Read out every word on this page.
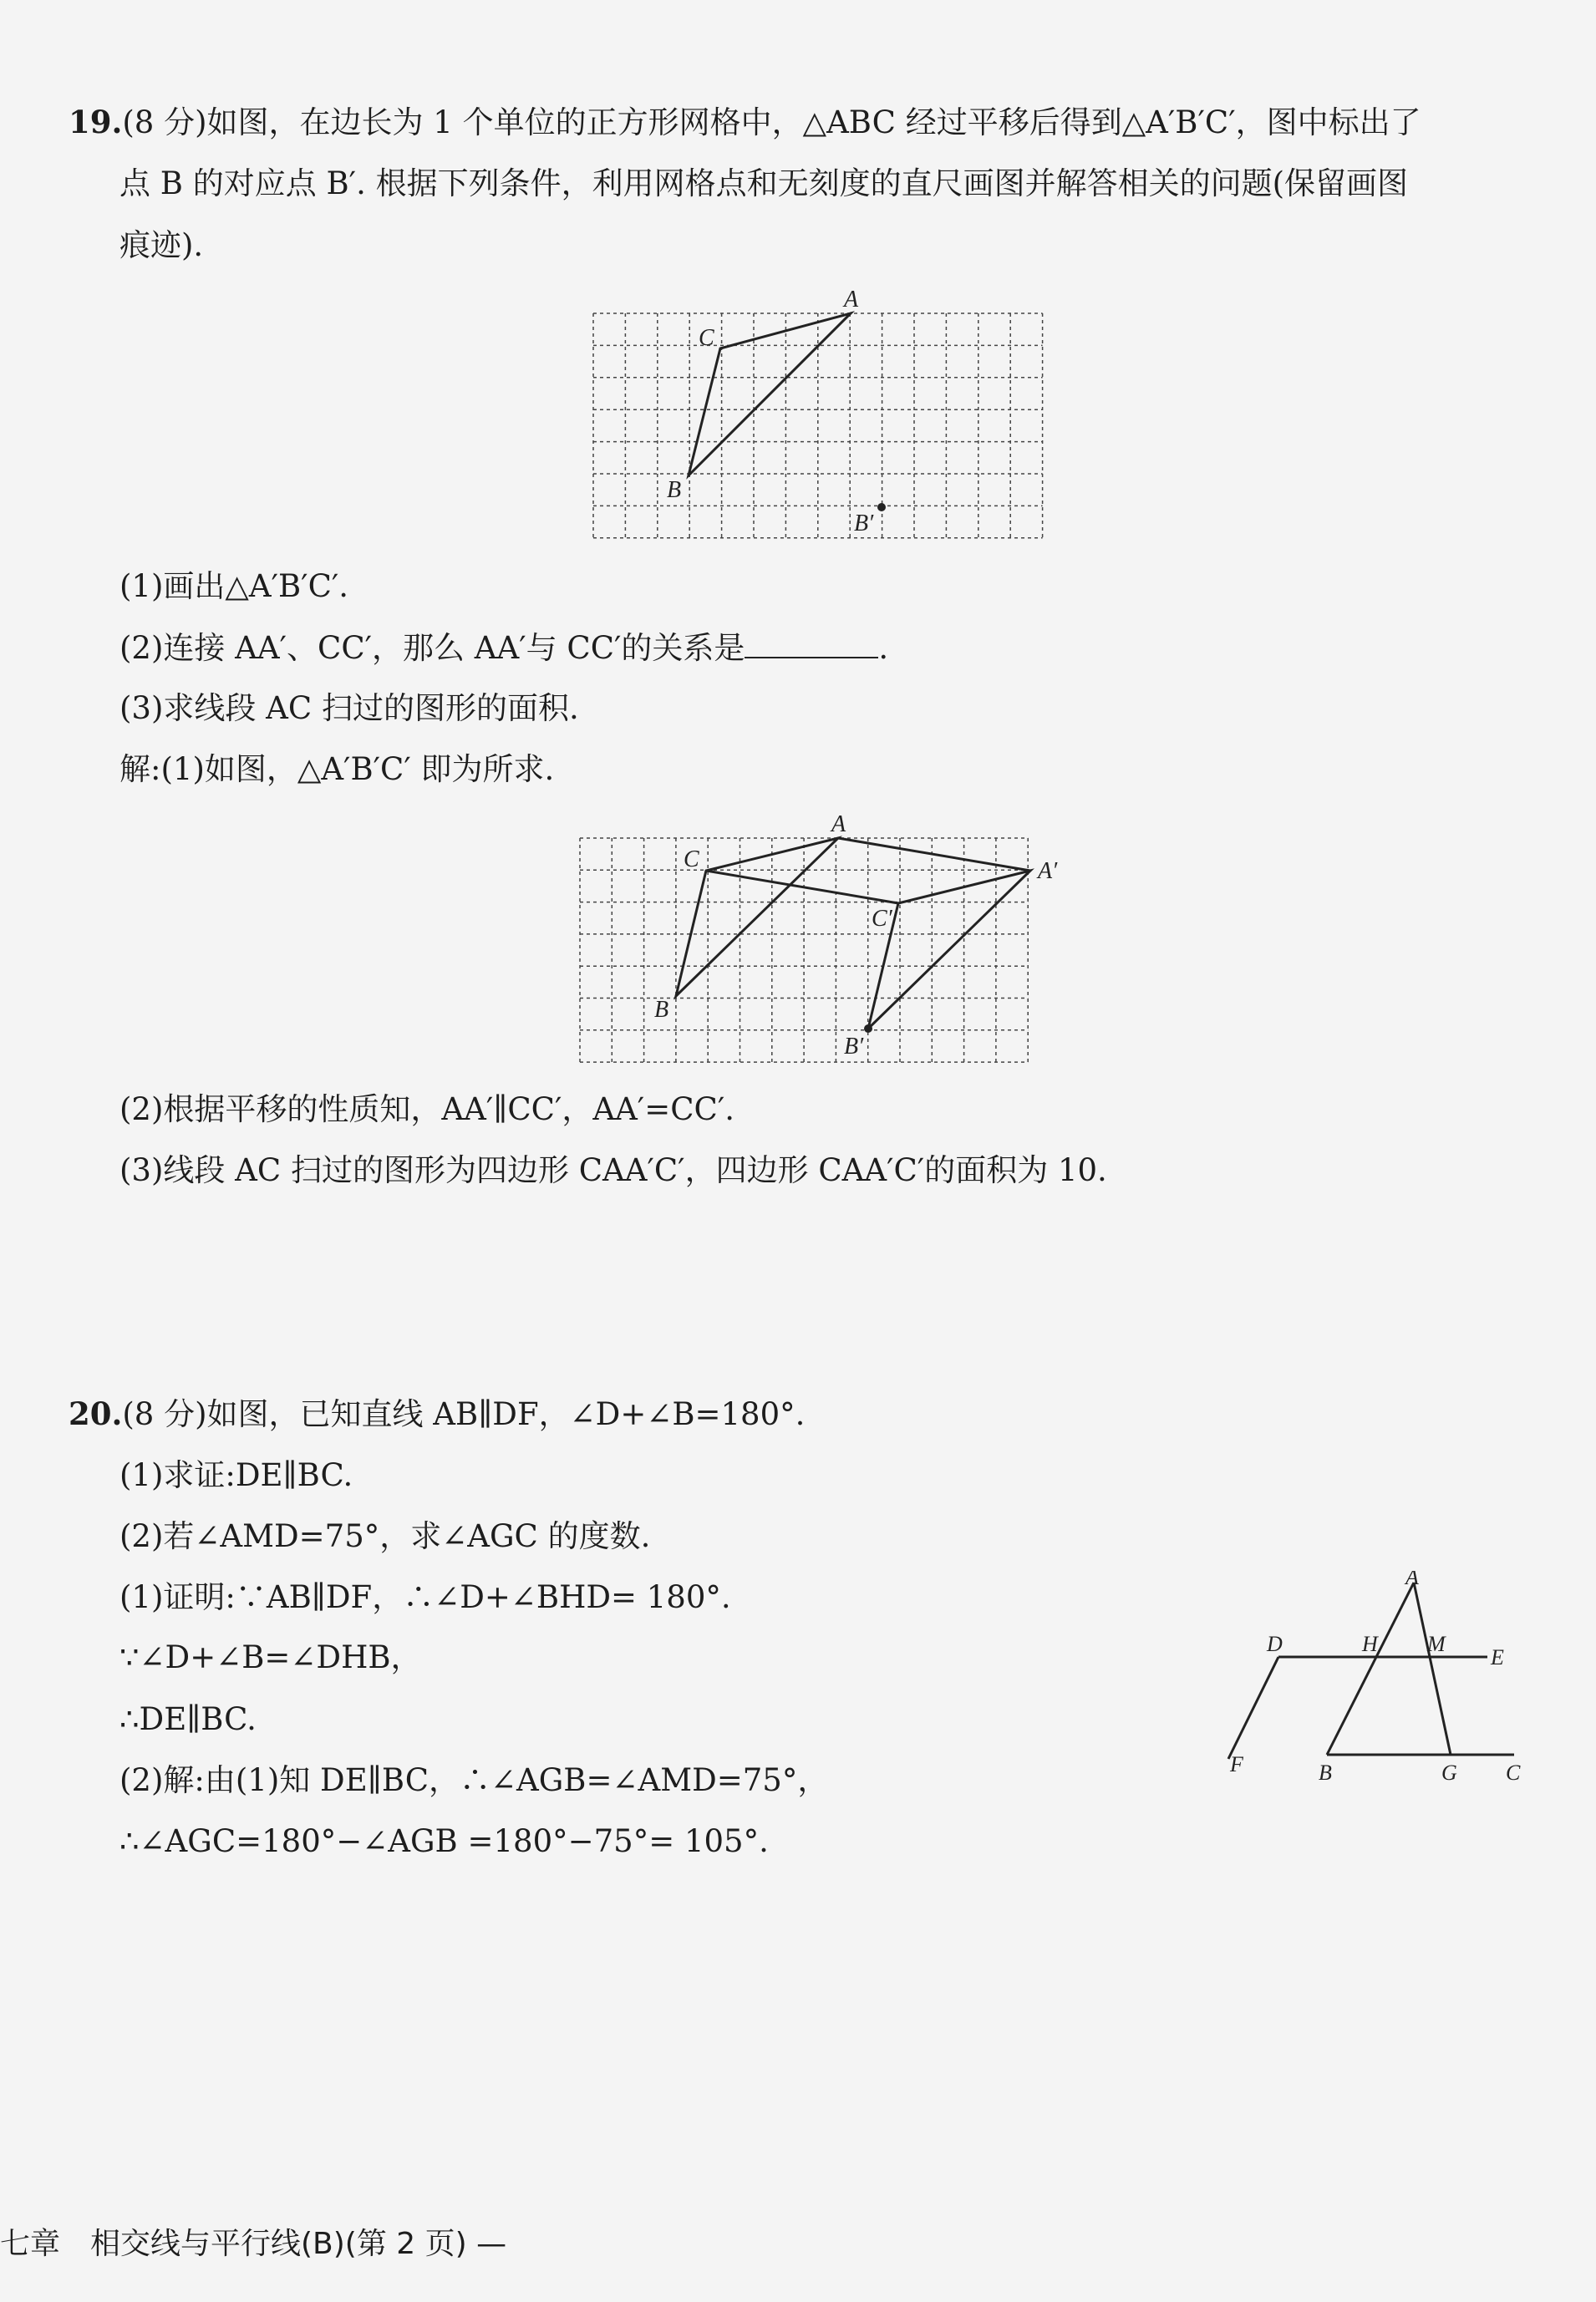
19.(8 分)如图，在边长为 1 个单位的正方形网格中，△ABC 经过平移后得到△A′B′C′，图中标出了
点 B 的对应点 B′. 根据下列条件，利用网格点和无刻度的直尺画图并解答相关的问题(保留画图
痕迹).
A
C
B
B′
(1)画出△A′B′C′.
(2)连接 AA′、CC′，那么 AA′与 CC′的关系是	.
(3)求线段 AC 扫过的图形的面积.
解:(1)如图，△A′B′C′ 即为所求.
A
C	A′
C′
B
B′
(2)根据平移的性质知，AA′∥CC′，AA′=CC′.
(3)线段 AC 扫过的图形为四边形 CAA′C′，四边形 CAA′C′的面积为 10.
20.(8 分)如图，已知直线 AB∥DF，∠D+∠B=180°.
(1)求证:DE∥BC.
(2)若∠AMD=75°，求∠AGC 的度数.
(1)证明:∵AB∥DF，∴∠D+∠BHD= 180°.
∵∠D+∠B=∠DHB，
∴DE∥BC.
(2)解:由(1)知 DE∥BC，∴∠AGB=∠AMD=75°，
∴∠AGC=180°−∠AGB =180°−75°= 105°.
A
D	H M
E
F	B	G C
七章　相交线与平行线(B)(第 2 页) —
